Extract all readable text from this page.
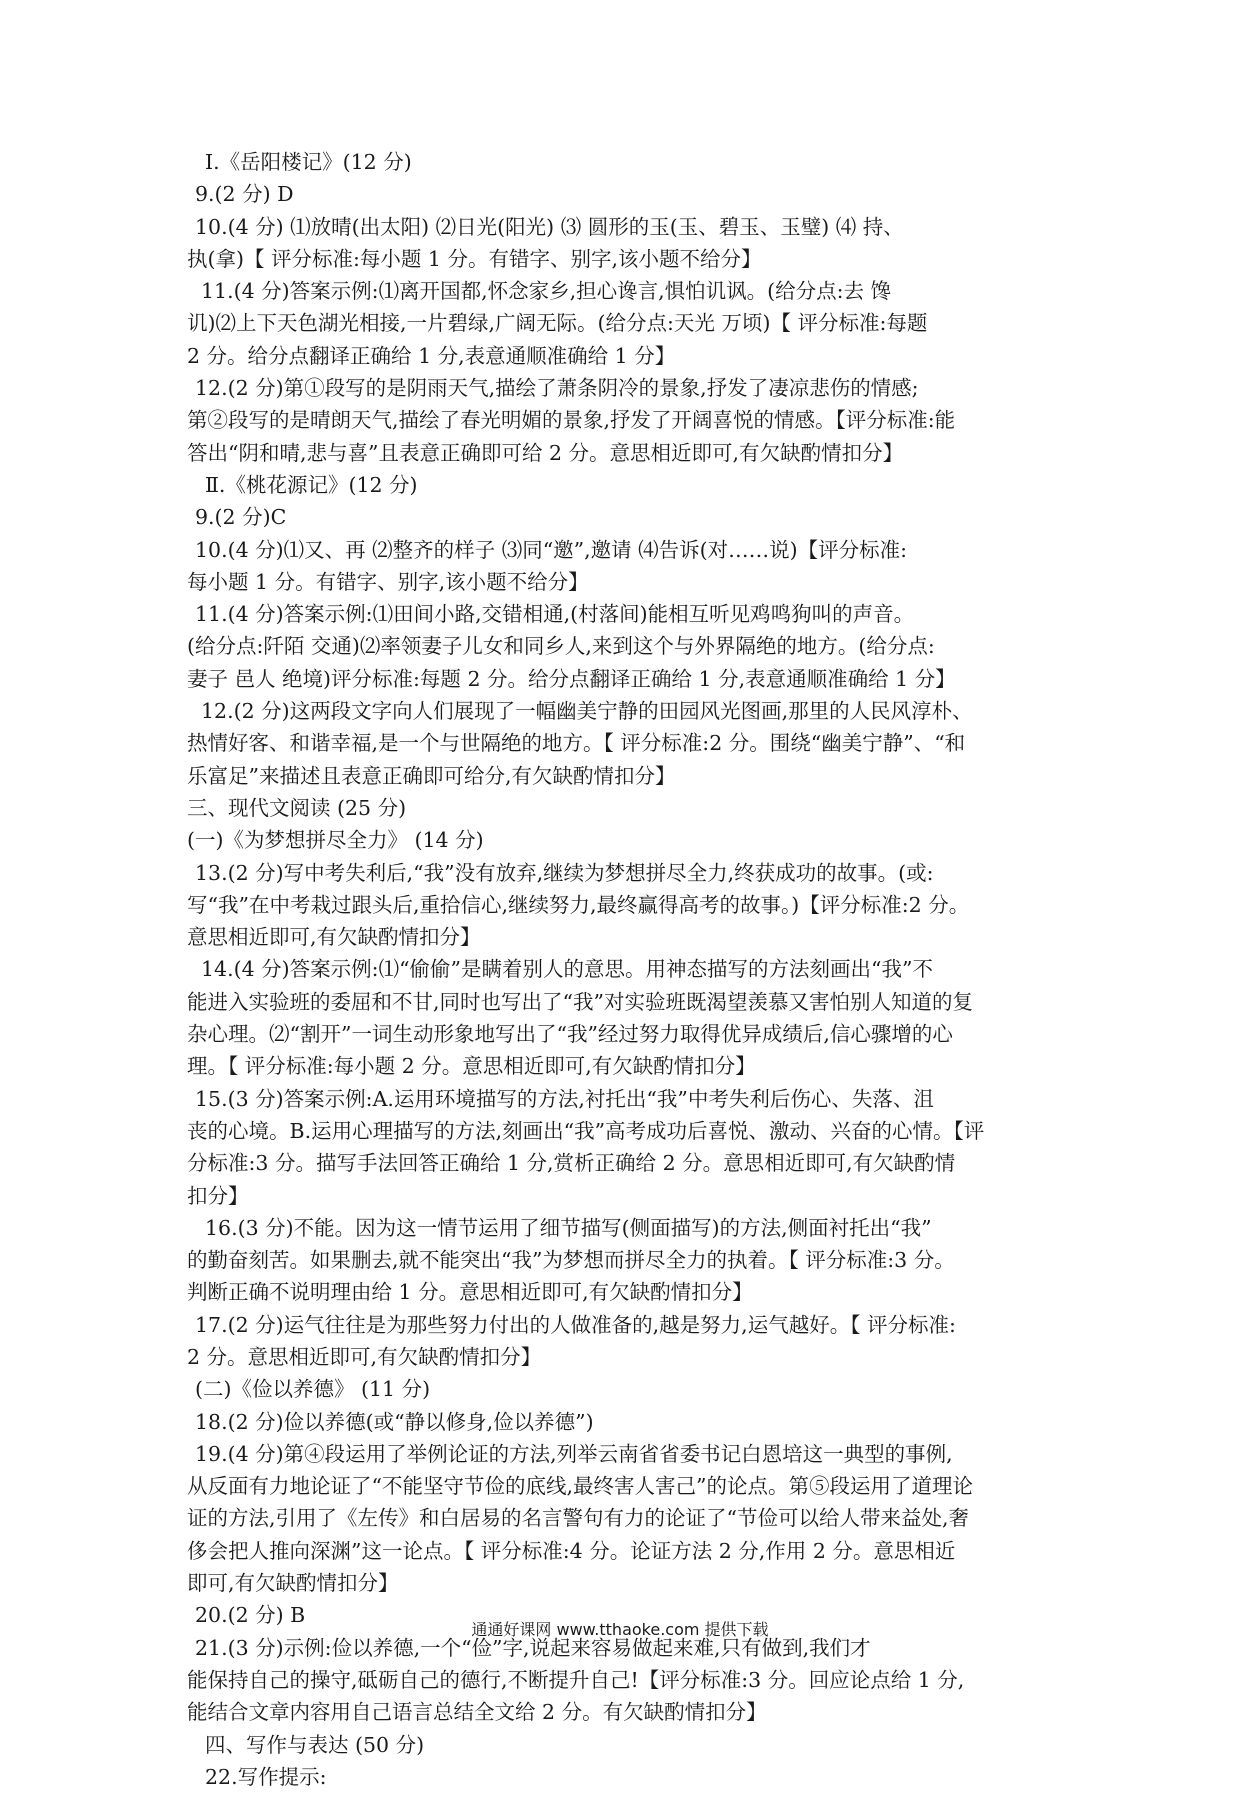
Ⅰ.《岳阳楼记》(12 分)
9.(2 分) D
10.(4 分) ⑴放晴(出太阳) ⑵日光(阳光) ⑶ 圆形的玉(玉、碧玉、玉璧) ⑷ 持、
执(拿)【 评分标准:每小题 1 分。有错字、别字,该小题不给分】
11.(4 分)答案示例:⑴离开国都,怀念家乡,担心谗言,惧怕讥讽。(给分点:去 馋
讥)⑵上下天色湖光相接,一片碧绿,广阔无际。(给分点:天光 万顷)【 评分标准:每题
2 分。给分点翻译正确给 1 分,表意通顺准确给 1 分】
12.(2 分)第①段写的是阴雨天气,描绘了萧条阴冷的景象,抒发了凄凉悲伤的情感;
第②段写的是晴朗天气,描绘了春光明媚的景象,抒发了开阔喜悦的情感。【评分标准:能
答出“阴和晴,悲与喜”且表意正确即可给 2 分。意思相近即可,有欠缺酌情扣分】
Ⅱ.《桃花源记》(12 分)
9.(2 分)C
10.(4 分)⑴又、再 ⑵整齐的样子 ⑶同“邀”,邀请 ⑷告诉(对……说)【评分标准:
每小题 1 分。有错字、别字,该小题不给分】
11.(4 分)答案示例:⑴田间小路,交错相通,(村落间)能相互听见鸡鸣狗叫的声音。
(给分点:阡陌 交通)⑵率领妻子儿女和同乡人,来到这个与外界隔绝的地方。(给分点:
妻子 邑人 绝境)评分标准:每题 2 分。给分点翻译正确给 1 分,表意通顺准确给 1 分】
12.(2 分)这两段文字向人们展现了一幅幽美宁静的田园风光图画,那里的人民风淳朴、
热情好客、和谐幸福,是一个与世隔绝的地方。【 评分标准:2 分。围绕“幽美宁静”、“和
乐富足”来描述且表意正确即可给分,有欠缺酌情扣分】
三、现代文阅读 (25 分)
(一)《为梦想拼尽全力》 (14 分)
13.(2 分)写中考失利后,“我”没有放弃,继续为梦想拼尽全力,终获成功的故事。(或:
写“我”在中考栽过跟头后,重拾信心,继续努力,最终赢得高考的故事。)【评分标准:2 分。
意思相近即可,有欠缺酌情扣分】
14.(4 分)答案示例:⑴“偷偷”是瞒着别人的意思。用神态描写的方法刻画出“我”不
能进入实验班的委屈和不甘,同时也写出了“我”对实验班既渴望羡慕又害怕别人知道的复
杂心理。⑵“割开”一词生动形象地写出了“我”经过努力取得优异成绩后,信心骤增的心
理。【 评分标准:每小题 2 分。意思相近即可,有欠缺酌情扣分】
15.(3 分)答案示例:A.运用环境描写的方法,衬托出“我”中考失利后伤心、失落、沮
丧的心境。B.运用心理描写的方法,刻画出“我”高考成功后喜悦、激动、兴奋的心情。【评
分标准:3 分。描写手法回答正确给 1 分,赏析正确给 2 分。意思相近即可,有欠缺酌情
扣分】
16.(3 分)不能。因为这一情节运用了细节描写(侧面描写)的方法,侧面衬托出“我”
的勤奋刻苦。如果删去,就不能突出“我”为梦想而拼尽全力的执着。【 评分标准:3 分。
判断正确不说明理由给 1 分。意思相近即可,有欠缺酌情扣分】
17.(2 分)运气往往是为那些努力付出的人做准备的,越是努力,运气越好。【 评分标准:
2 分。意思相近即可,有欠缺酌情扣分】
(二)《俭以养德》 (11 分)
18.(2 分)俭以养德(或“静以修身,俭以养德”)
19.(4 分)第④段运用了举例论证的方法,列举云南省省委书记白恩培这一典型的事例,
从反面有力地论证了“不能坚守节俭的底线,最终害人害己”的论点。第⑤段运用了道理论
证的方法,引用了《左传》和白居易的名言警句有力的论证了“节俭可以给人带来益处,奢
侈会把人推向深渊”这一论点。【 评分标准:4 分。论证方法 2 分,作用 2 分。意思相近
即可,有欠缺酌情扣分】
20.(2 分) B
21.(3 分)示例:俭以养德,一个“俭”字,说起来容易做起来难,只有做到,我们才
能保持自己的操守,砥砺自己的德行,不断提升自己!【评分标准:3 分。回应论点给 1 分,
能结合文章内容用自己语言总结全文给 2 分。有欠缺酌情扣分】
四、写作与表达 (50 分)
22.写作提示:
通通好课网 www.tthaoke.com 提供下载
